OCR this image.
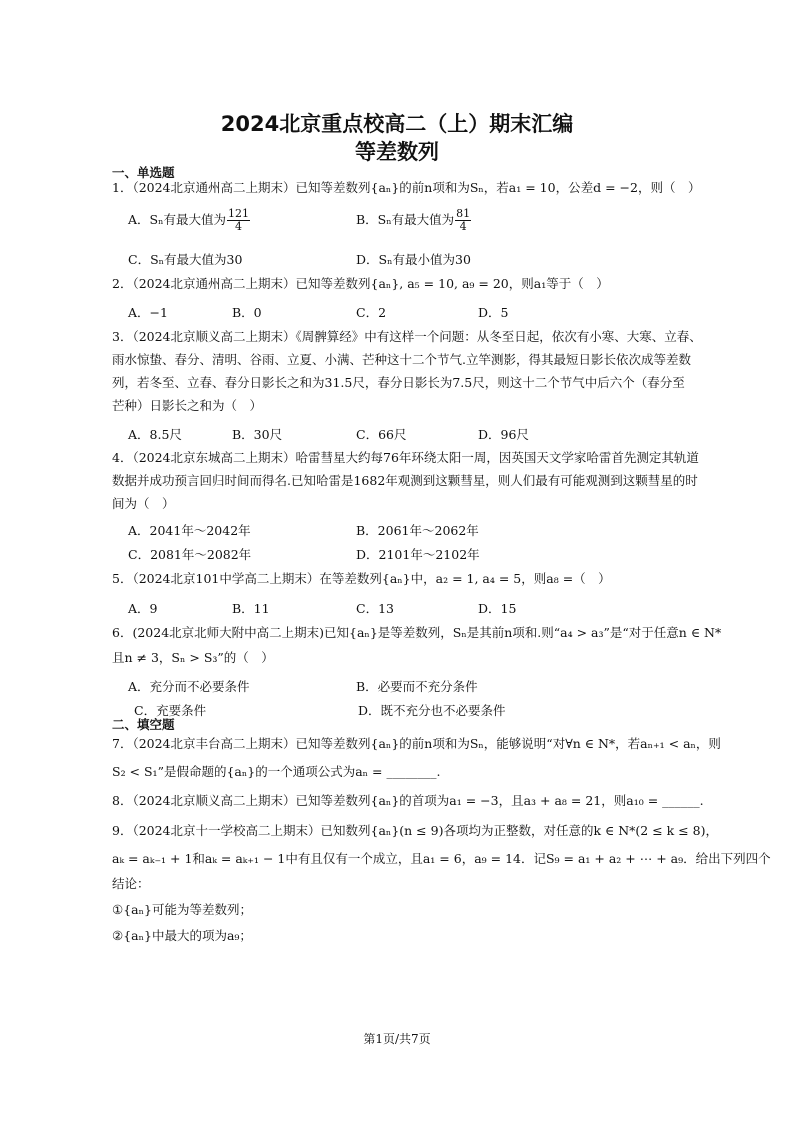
2024北京重点校高二（上）期末汇编
等差数列
一、单选题
1．（2024北京通州高二上期末）已知等差数列{aₙ}的前n项和为Sₙ，若a₁ = 10，公差d = −2，则（　）
A．Sₙ有最大值为 $\frac{121}{4}$	B．Sₙ有最大值为 $\frac{81}{4}$
C．Sₙ有最大值为30	D．Sₙ有最小值为30
2．（2024北京通州高二上期末）已知等差数列{aₙ}, a₅ = 10, a₉ = 20，则a₁等于（　）
A．−1	B．0	C．2	D．5
3．（2024北京顺义高二上期末）《周髀算经》中有这样一个问题：从冬至日起，依次有小寒、大寒、立春、
雨水惊蛰、春分、清明、谷雨、立夏、小满、芒种这十二个节气.立竿测影，得其最短日影长依次成等差数
列，若冬至、立春、春分日影长之和为31.5尺，春分日影长为7.5尺，则这十二个节气中后六个（春分至
芒种）日影长之和为（　）
A．8.5尺	B．30尺	C．66尺	D．96尺
4．（2024北京东城高二上期末）哈雷彗星大约每76年环绕太阳一周，因英国天文学家哈雷首先测定其轨道
数据并成功预言回归时间而得名.已知哈雷是1682年观测到这颗彗星，则人们最有可能观测到这颗彗星的时
间为（　）
A．2041年～2042年	B．2061年～2062年
C．2081年～2082年	D．2101年～2102年
5．（2024北京101中学高二上期末）在等差数列{aₙ}中，a₂ = 1, a₄ = 5，则a₈ =（　）
A．9	B．11	C．13	D．15
6．(2024北京北师大附中高二上期末)已知{aₙ}是等差数列，Sₙ是其前n项和.则“a₄ > a₃”是“对于任意n ∈ N*
且n ≠ 3，Sₙ > S₃”的（　）
A．充分而不必要条件	B．必要而不充分条件
C．充要条件	D．既不充分也不必要条件
二、填空题
7．（2024北京丰台高二上期末）已知等差数列{aₙ}的前n项和为Sₙ，能够说明“对∀n ∈ N*，若aₙ₊₁ < aₙ，则
S₂ < S₁”是假命题的{aₙ}的一个通项公式为aₙ = ________.
8．（2024北京顺义高二上期末）已知等差数列{aₙ}的首项为a₁ = −3，且a₃ + a₈ = 21，则a₁₀ = ______.
9．（2024北京十一学校高二上期末）已知数列{aₙ}(n ≤ 9)各项均为正整数，对任意的k ∈ N*(2 ≤ k ≤ 8)，
aₖ = aₖ₋₁ + 1和aₖ = aₖ₊₁ − 1中有且仅有一个成立，且a₁ = 6，a₉ = 14．记S₉ = a₁ + a₂ + ⋯ + a₉．给出下列四个
结论：
①{aₙ}可能为等差数列；
②{aₙ}中最大的项为a₉；
第1页/共7页
